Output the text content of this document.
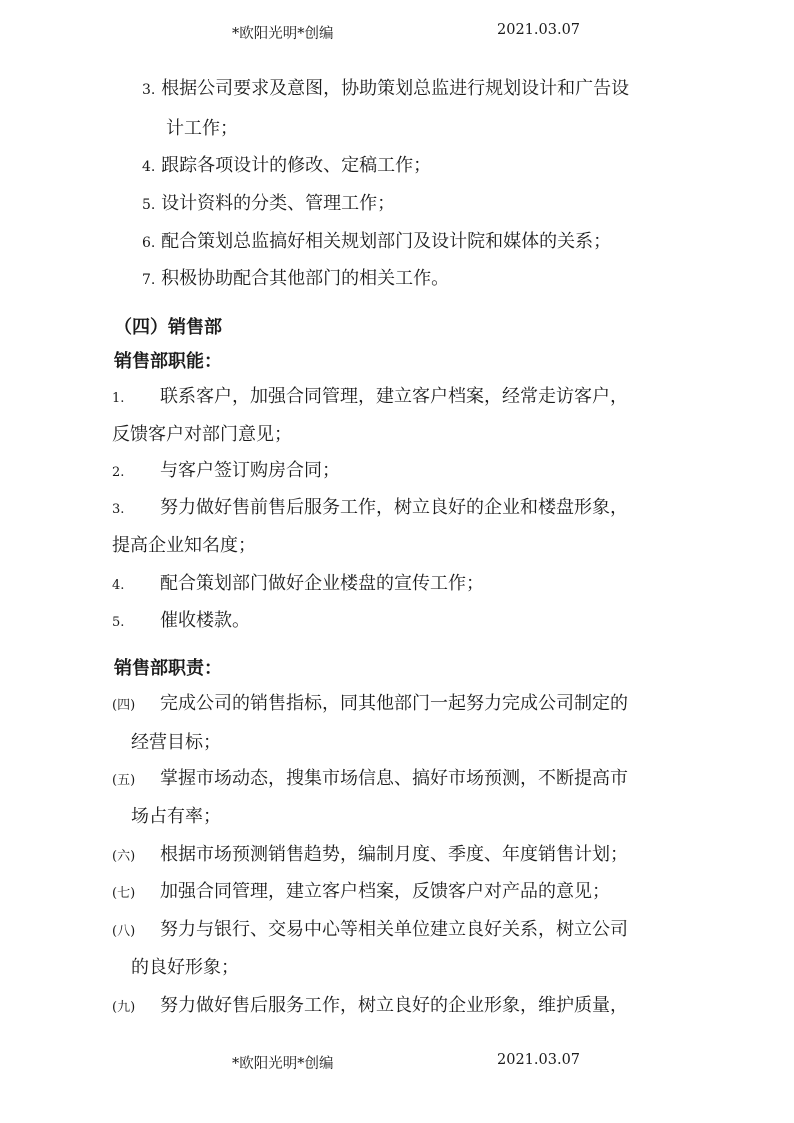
*欧阳光明*创编	2021.03.07
3. 根据公司要求及意图，协助策划总监进行规划设计和广告设
计工作；
4. 跟踪各项设计的修改、定稿工作；
5. 设计资料的分类、管理工作；
6. 配合策划总监搞好相关规划部门及设计院和媒体的关系；
7. 积极协助配合其他部门的相关工作。
（四）销售部
销售部职能：
1. 联系客户，加强合同管理，建立客户档案，经常走访客户，
反馈客户对部门意见；
2. 与客户签订购房合同；
3. 努力做好售前售后服务工作，树立良好的企业和楼盘形象，
提高企业知名度；
4. 配合策划部门做好企业楼盘的宣传工作；
5. 催收楼款。
销售部职责：
(四) 完成公司的销售指标，同其他部门一起努力完成公司制定的
经营目标；
(五) 掌握市场动态，搜集市场信息、搞好市场预测，不断提高市
场占有率；
(六) 根据市场预测销售趋势，编制月度、季度、年度销售计划；
(七) 加强合同管理，建立客户档案，反馈客户对产品的意见；
(八) 努力与银行、交易中心等相关单位建立良好关系，树立公司
的良好形象；
(九) 努力做好售后服务工作，树立良好的企业形象，维护质量，
*欧阳光明*创编	2021.03.07
